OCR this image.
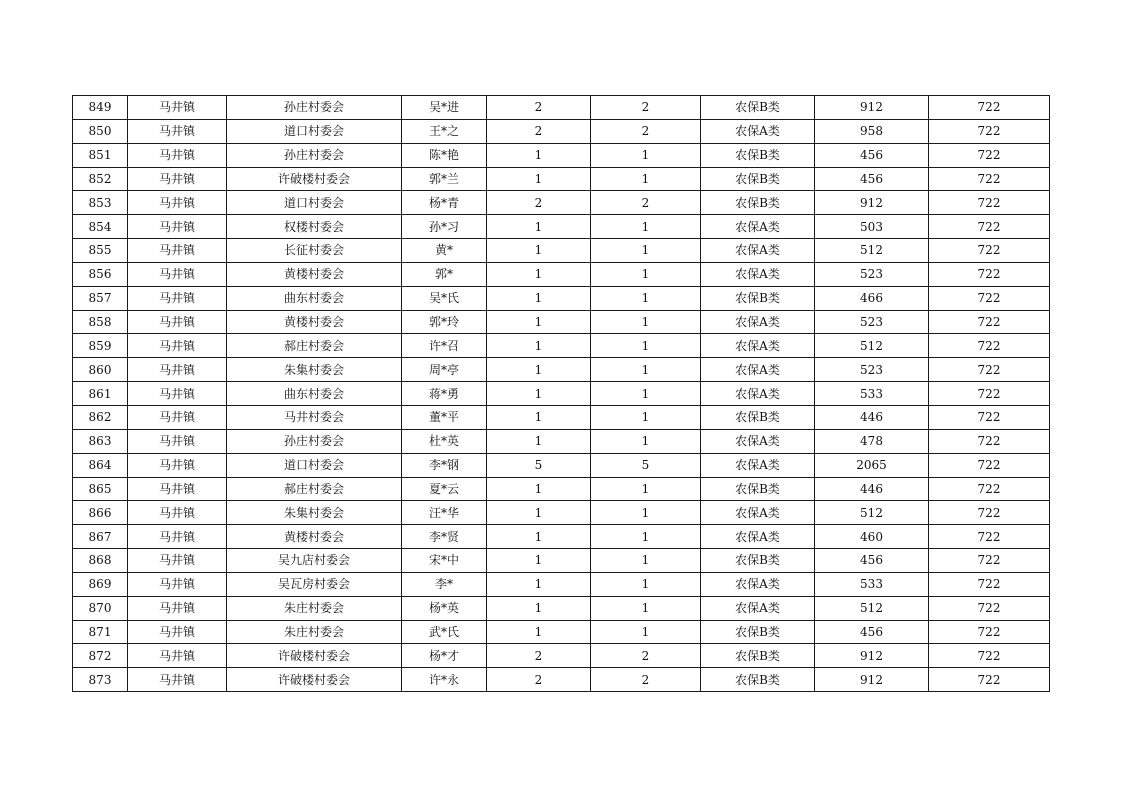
849	马井镇	孙庄村委会	吴*进	2	2	农保B类	912	722
850	马井镇	道口村委会	王*之	2	2	农保A类	958	722
851	马井镇	孙庄村委会	陈*艳	1	1	农保B类	456	722
852	马井镇	许破楼村委会	郭*兰	1	1	农保B类	456	722
853	马井镇	道口村委会	杨*青	2	2	农保B类	912	722
854	马井镇	权楼村委会	孙*习	1	1	农保A类	503	722
855	马井镇	长征村委会	黄*	1	1	农保A类	512	722
856	马井镇	黄楼村委会	郭*	1	1	农保A类	523	722
857	马井镇	曲东村委会	吴*氏	1	1	农保B类	466	722
858	马井镇	黄楼村委会	郭*玲	1	1	农保A类	523	722
859	马井镇	郝庄村委会	许*召	1	1	农保A类	512	722
860	马井镇	朱集村委会	周*亭	1	1	农保A类	523	722
861	马井镇	曲东村委会	蒋*勇	1	1	农保A类	533	722
862	马井镇	马井村委会	董*平	1	1	农保B类	446	722
863	马井镇	孙庄村委会	杜*英	1	1	农保A类	478	722
864	马井镇	道口村委会	李*钢	5	5	农保A类	2065	722
865	马井镇	郝庄村委会	夏*云	1	1	农保B类	446	722
866	马井镇	朱集村委会	汪*华	1	1	农保A类	512	722
867	马井镇	黄楼村委会	李*贤	1	1	农保A类	460	722
868	马井镇	吴九店村委会	宋*中	1	1	农保B类	456	722
869	马井镇	吴瓦房村委会	李*	1	1	农保A类	533	722
870	马井镇	朱庄村委会	杨*英	1	1	农保A类	512	722
871	马井镇	朱庄村委会	武*氏	1	1	农保B类	456	722
872	马井镇	许破楼村委会	杨*才	2	2	农保B类	912	722
873	马井镇	许破楼村委会	许*永	2	2	农保B类	912	722
